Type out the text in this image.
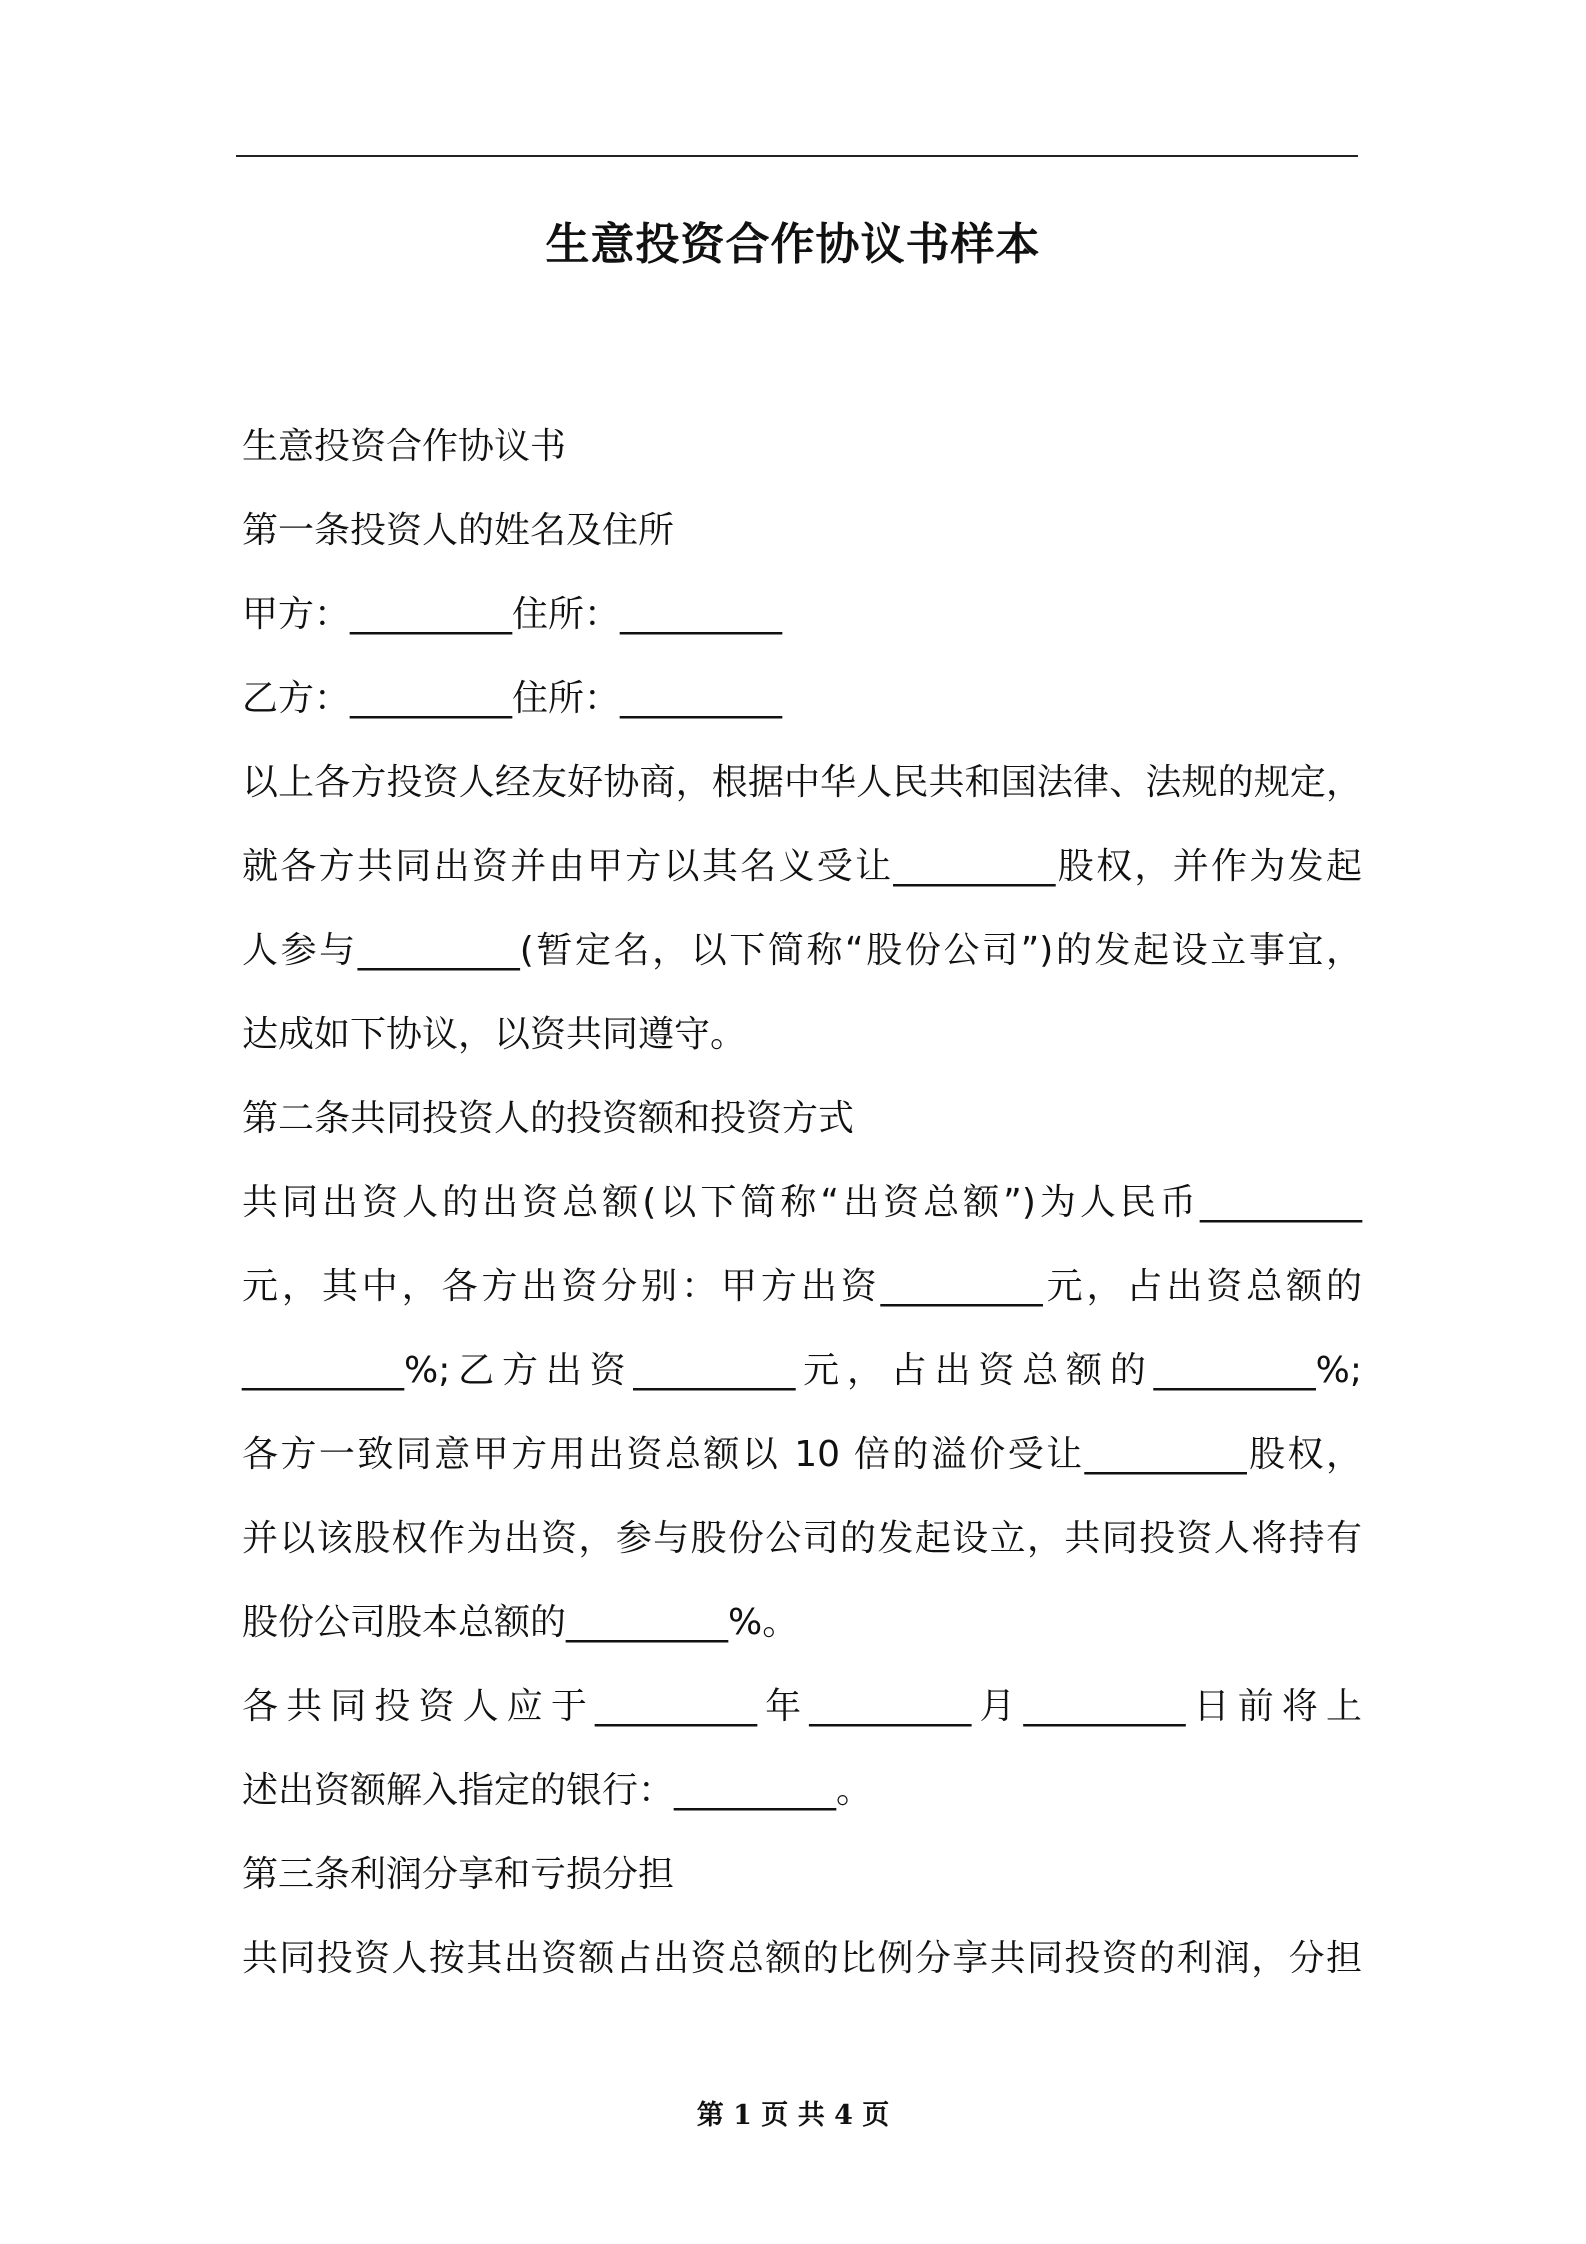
生意投资合作协议书样本
生意投资合作协议书
第一条投资人的姓名及住所
甲方：_________住所：_________
乙方：_________住所：_________
以上各方投资人经友好协商，根据中华人民共和国法律、法规的规定，
就各方共同出资并由甲方以其名义受让_________股权，并作为发起
人参与_________(暂定名，以下简称“股份公司”)的发起设立事宜，
达成如下协议，以资共同遵守。
第二条共同投资人的投资额和投资方式
共同出资人的出资总额(以下简称“出资总额”)为人民币_________
元，其中，各方出资分别：甲方出资_________元，占出资总额的
_________%;乙方出资_________元，占出资总额的_________%;
各方一致同意甲方用出资总额以 10 倍的溢价受让_________股权，
并以该股权作为出资，参与股份公司的发起设立，共同投资人将持有
股份公司股本总额的_________%。
各共同投资人应于_________年_________月_________日前将上
述出资额解入指定的银行：_________。
第三条利润分享和亏损分担
共同投资人按其出资额占出资总额的比例分享共同投资的利润，分担
第 1 页 共 4 页
